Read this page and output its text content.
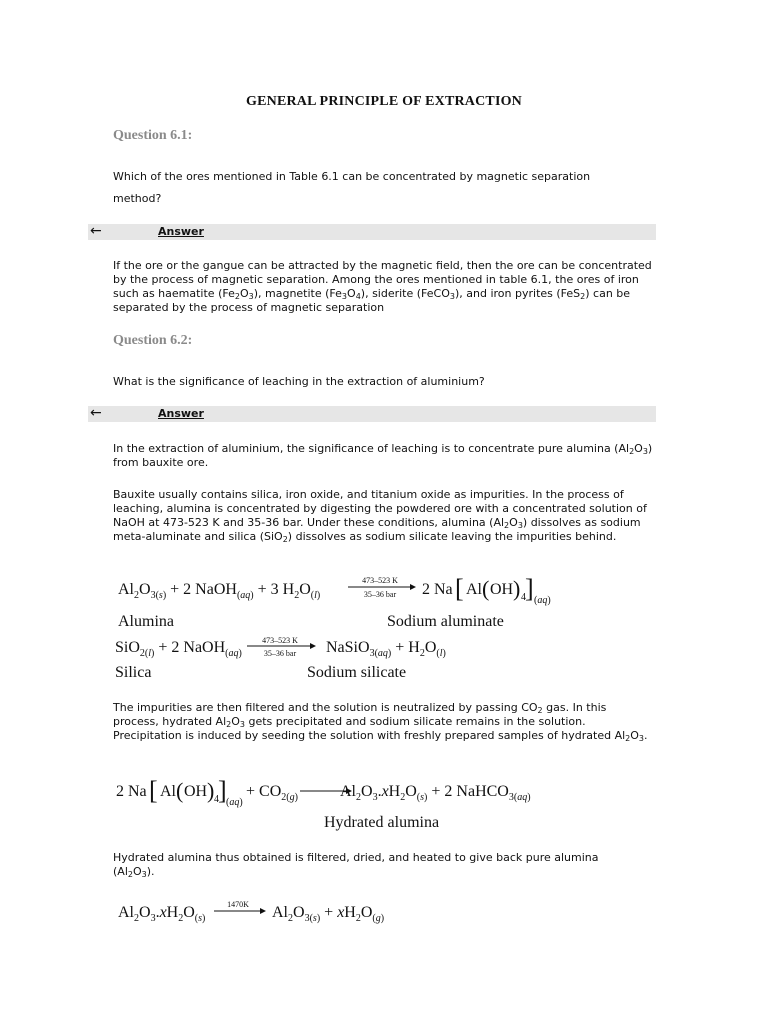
GENERAL PRINCIPLE OF EXTRACTION
Question 6.1:
Which of the ores mentioned in Table 6.1 can be concentrated by magnetic separation method?
←	Answer
If the ore or the gangue can be attracted by the magnetic field, then the ore can be concentrated by the process of magnetic separation. Among the ores mentioned in table 6.1, the ores of iron such as haematite $(Fe_2O_3)$, magnetite $(Fe_3O_4)$, siderite (FeCO$_3$), and iron pyrites (FeS$_2$) can be separated by the process of magnetic separation
Question 6.2:
What is the significance of leaching in the extraction of aluminium?
←	Answer
In the extraction of aluminium, the significance of leaching is to concentrate pure alumina $(Al_2O_3)$ from bauxite ore.
Bauxite usually contains silica, iron oxide, and titanium oxide as impurities. In the process of leaching, alumina is concentrated by digesting the powdered ore with a concentrated solution of NaOH at 473-523 K and 35-36 bar. Under these conditions, alumina $(Al_2O_3)$ dissolves as sodium meta-aluminate and silica (SiO$_2$) dissolves as sodium silicate leaving the impurities behind.
$Al_2O_{3(}s) + 2$ NaOH$_($aq) + 3 $H_2O_(l$)
473–523 K
35–36 bar 2 Na [ Al ( OH ) 4 ] (aq)
Alumina	Sodium aluminate
SiO$_{2(}$l) + 2 NaOH$_($aq)
473–523 K
35–36 bar NaSiO$_{3(}$aq) + $H_2O_(l$)
Silica	Sodium silicate
The impurities are then filtered and the solution is neutralized by passing $CO_2$ gas. In this process, hydrated $Al_2O_3$ gets precipitated and sodium silicate remains in the solution. Precipitation is induced by seeding the solution with freshly prepared samples of hydrated $Al_2O_3$.
2 Na [ Al ( OH ) 4 ] (aq)
+ $CO_{2(}g$)	$Al_2O_3.xH_2O_(s) + 2$ NaHCO$_{3(}$aq)
Hydrated alumina
Hydrated alumina thus obtained is filtered, dried, and heated to give back pure alumina $(Al_2O_3)$.
$Al_2O_3.xH_2O_(s$)
1470K $Al_2O_{3(}s) + xH_2O_(g$)
